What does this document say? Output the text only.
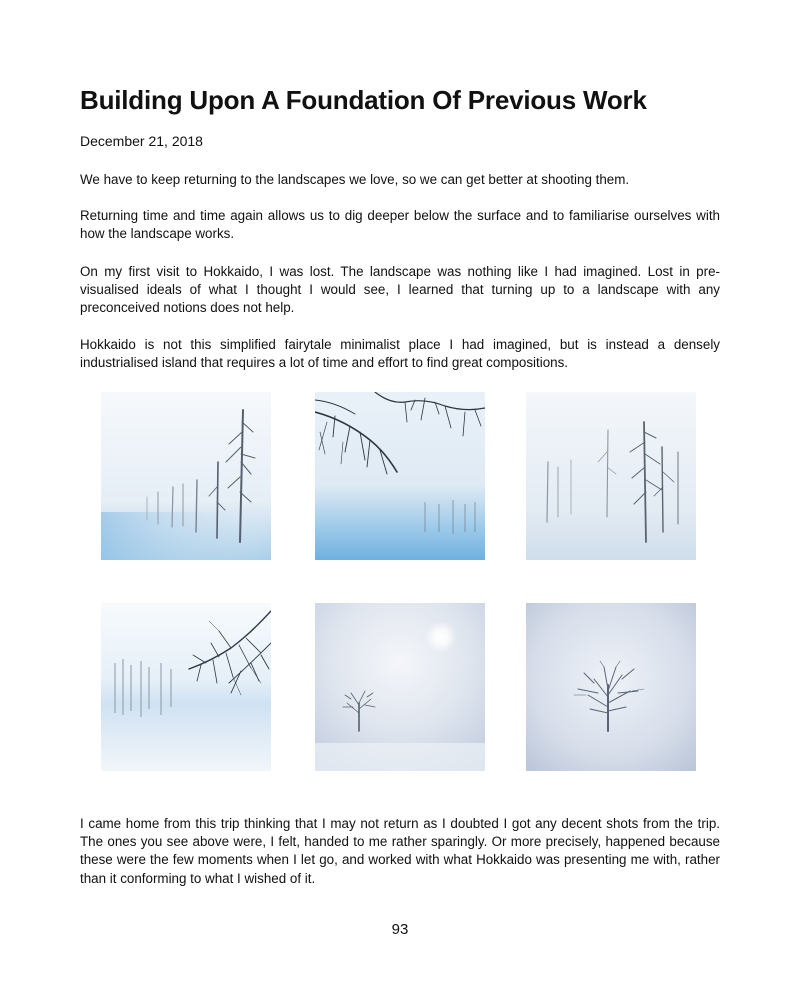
Building Upon A Foundation Of Previous Work
December 21, 2018

We have to keep returning to the landscapes we love, so we can get better at shooting them.

Returning time and time again allows us to dig deeper below the surface and to familiarise ourselves with how the landscape works.

On my first visit to Hokkaido, I was lost. The landscape was nothing like I had imagined. Lost in pre-visualised ideals of what I thought I would see, I learned that turning up to a landscape with any preconceived notions does not help.

Hokkaido is not this simplified fairytale minimalist place I had imagined, but is instead a densely industrialised island that requires a lot of time and effort to find great compositions.

I came home from this trip thinking that I may not return as I doubted I got any decent shots from the trip. The ones you see above were, I felt, handed to me rather sparingly. Or more precisely, happened because these were the few moments when I let go, and worked with what Hokkaido was presenting me with, rather than it conforming to what I wished of it.

93
